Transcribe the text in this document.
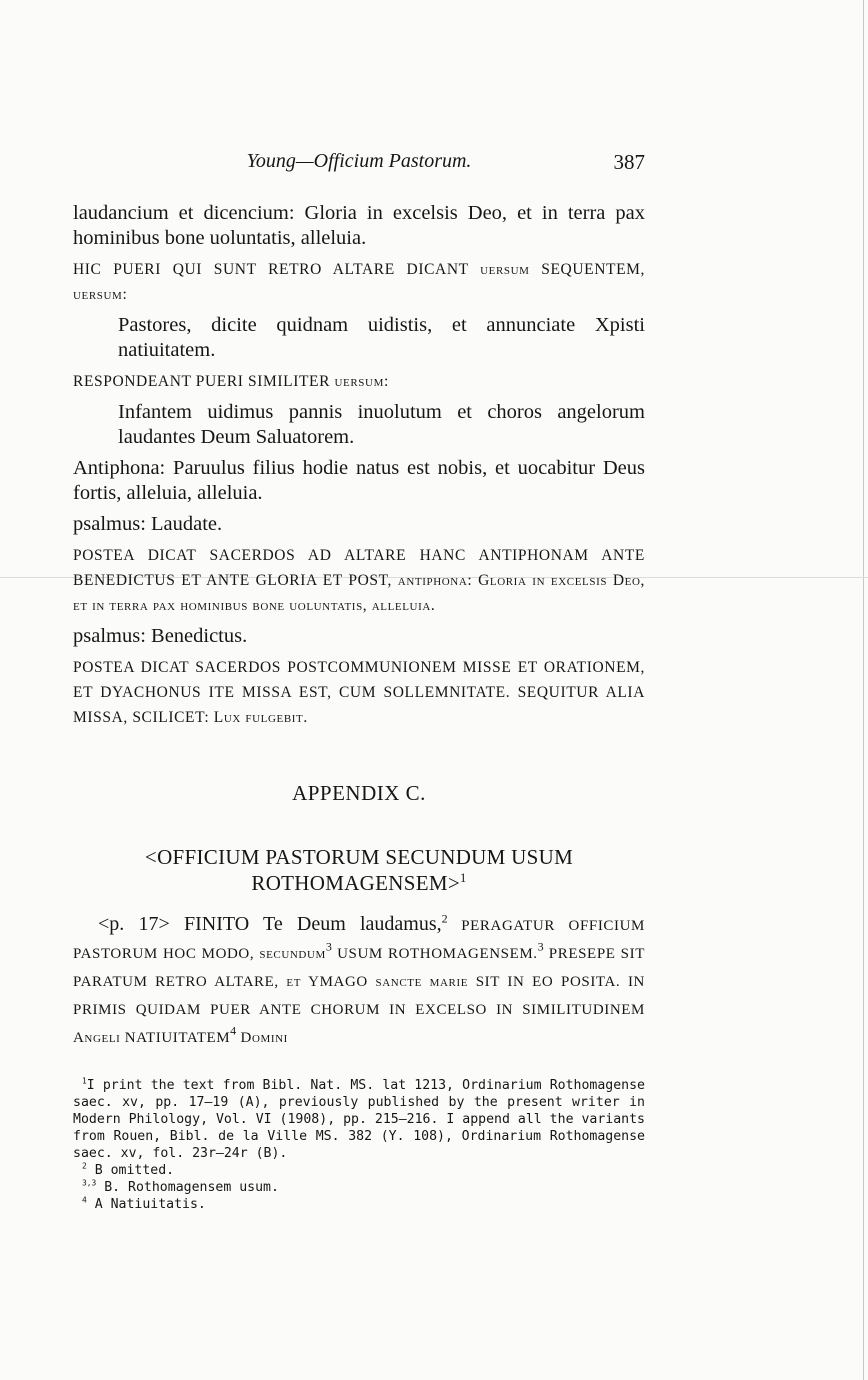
Young—Officium Pastorum.	387

laudancium et dicencium: Gloria in excelsis Deo, et in terra pax hominibus bone uoluntatis, alleluia.

HIC PUERI QUI SUNT RETRO ALTARE DICANT uersum SEQUENTEM, uersum:

Pastores, dicite quidnam uidistis, et annunciate Xpisti natiuitatem.

RESPONDEANT PUERI SIMILITER uersum:

Infantem uidimus pannis inuolutum et choros angelorum laudantes Deum Saluatorem.

Antiphona: Paruulus filius hodie natus est nobis, et uocabitur Deus fortis, alleluia, alleluia.

psalmus: Laudate.

POSTEA DICAT SACERDOS AD ALTARE HANC ANTIPHONAM ANTE BENEDICTUS ET ANTE GLORIA ET POST, antiphona: Gloria in excelsis Deo, et in terra pax hominibus bone uoluntatis, alleluia.

psalmus: Benedictus.

POSTEA DICAT SACERDOS POSTCOMMUNIONEM MISSE ET ORATIONEM, ET DYACHONUS ITE MISSA EST, CUM SOLLEMNITATE. SEQUITUR ALIA MISSA, SCILICET: Lux fulgebit.

APPENDIX C.
<OFFICIUM PASTORUM SECUNDUM USUM ROTHOMAGENSEM>$^1$
<p. 17> FINITO Te Deum laudamus,$^2$ PERAGATUR OFFICIUM PASTORUM HOC MODO, secundum$^3$ USUM ROTHOMAGENSEM.$^3$ PRESEPE SIT PARATUM RETRO ALTARE, et YMAGO sancte marie SIT IN EO POSITA. IN PRIMIS QUIDAM PUER ANTE CHORUM IN EXCELSO IN SIMILITUDINEM Angeli NATIUITATEM$^4$ Domini

$^1$I print the text from Bibl. Nat. MS. lat 1213, Ordinarium Rothomagense saec. xv, pp. 17–19 (A), previously published by the present writer in Modern Philology, Vol. VI (1908), pp. 215–216. I append all the variants from Rouen, Bibl. de la Ville MS. 382 (Y. 108), Ordinarium Rothomagense saec. xv, fol. 23r–24r (B).

$^2$ B omitted.

$^{3,3}$ B. Rothomagensem usum.

$^4$ A Natiuitatis.
